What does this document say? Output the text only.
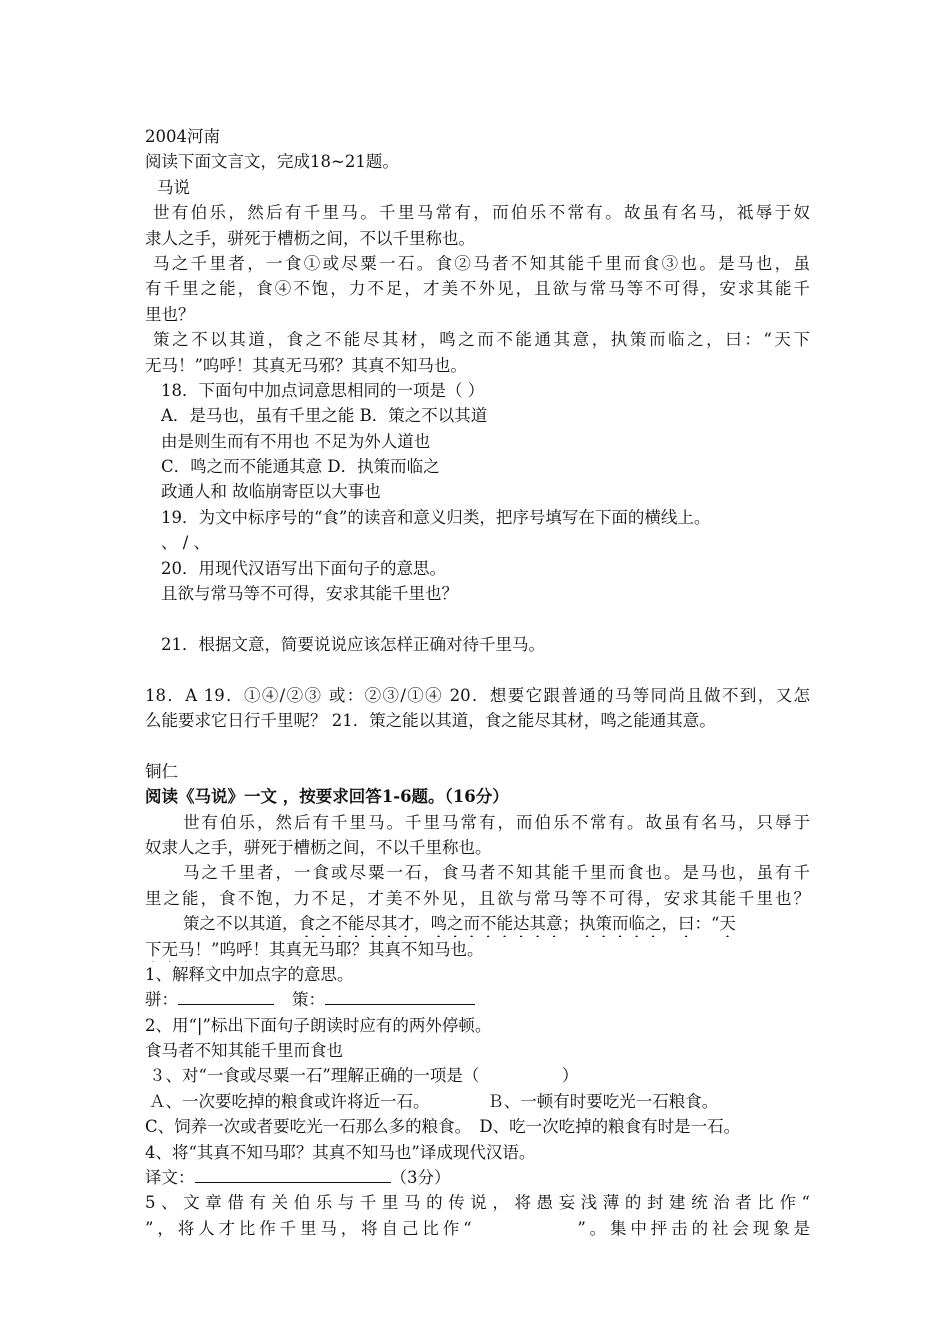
2004河南
阅读下面文言文，完成18~21题。
马说
世有伯乐，然后有千里马。千里马常有，而伯乐不常有。故虽有名马，祗辱于奴
隶人之手，骈死于槽枥之间，不以千里称也。
马之千里者，一食①或尽粟一石。食②马者不知其能千里而食③也。是马也，虽
有千里之能，食④不饱，力不足，才美不外见，且欲与常马等不可得，安求其能千
里也？
策之不以其道，食之不能尽其材，鸣之而不能通其意，执策而临之，曰：“天下
无马！”呜呼！其真无马邪？其真不知马也。
18．下面句中加点词意思相同的一项是（ ）
A．是马也，虽有千里之能 B．策之不以其道
由是则生而有不用也 不足为外人道也
C．鸣之而不能通其意 D．执策而临之
政通人和 故临崩寄臣以大事也
19．为文中标序号的“食”的读音和意义归类，把序号填写在下面的横线上。
、 / 、
20．用现代汉语写出下面句子的意思。
且欲与常马等不可得，安求其能千里也？
21．根据文意，简要说说应该怎样正确对待千里马。
18．A 19．①④/②③ 或：②③/①④ 20．想要它跟普通的马等同尚且做不到，又怎
么能要求它日行千里呢？ 21．策之能以其道，食之能尽其材，鸣之能通其意。
铜仁
阅读《马说》一文 ，按要求回答1-6题。（16分）
世有伯乐，然后有千里马。千里马常有，而伯乐不常有。故虽有名马，只辱于
奴隶人之手，骈死于槽枥之间，不以千里称也。
马之千里者，一食或尽粟一石，食马者不知其能千里而食也。是马也，虽有千
里之能，食不饱，力不足，才美不外见，且欲与常马等不可得，安求其能千里也？
策之不以其道，食之不能尽其才，鸣之而不能达其意；执策而临之，曰：“天
下无马！”呜呼！其真无马耶？其真不知马也。
1、解释文中加点字的意思。
骈：	策：
2、用“|”标出下面句子朗读时应有的两外停顿。
食马者不知其能千里而食也
３、对“一食或尽粟一石”理解正确的一项是（　　　　　）
Ａ、一次要吃掉的粮食或许将近一石。　　　　Ｂ、一顿有时要吃光一石粮食。
C、饲养一次或者要吃光一石那么多的粮食。　D、吃一次吃掉的粮食有时是一石。
4、将“其真不知马耶？其真不知马也”译成现代汉语。
译文：	（3分）
5、文章借有关伯乐与千里马的传说，将愚妄浅薄的封建统治者比作“
”，将人才比作千里马，将自己比作“　　　　　”。集中抨击的社会现象是
